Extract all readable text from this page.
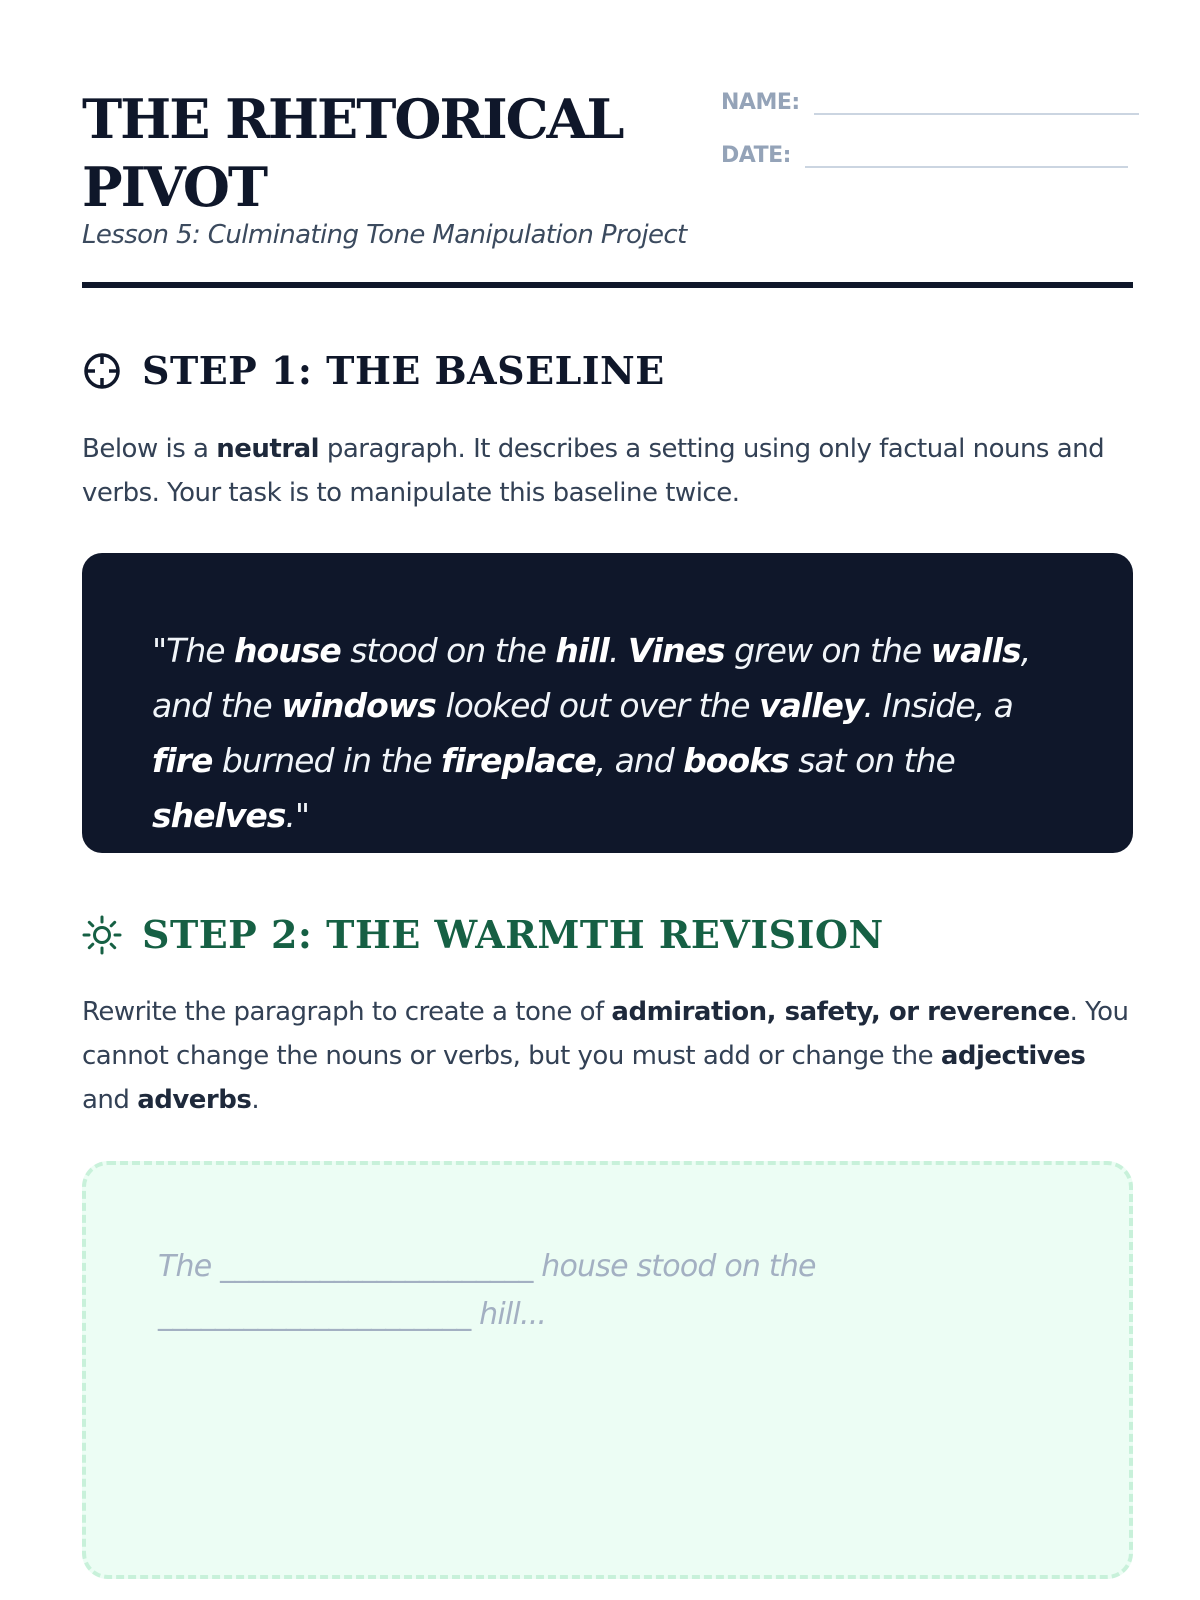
THE RHETORICAL
PIVOT
Lesson 5: Culminating Tone Manipulation Project
NAME:
DATE:
STEP 1: THE BASELINE

Below is a neutral paragraph. It describes a setting using only factual nouns and verbs. Your task is to manipulate this baseline twice.

"The house stood on the hill. Vines grew on the walls, and the windows looked out over the valley. Inside, a fire burned in the fireplace, and books sat on the shelves."

STEP 2: THE WARMTH REVISION

Rewrite the paragraph to create a tone of admiration, safety, or reverence. You cannot change the nouns or verbs, but you must add or change the adjectives and adverbs.

The ______________________ house stood on the ______________________ hill...
